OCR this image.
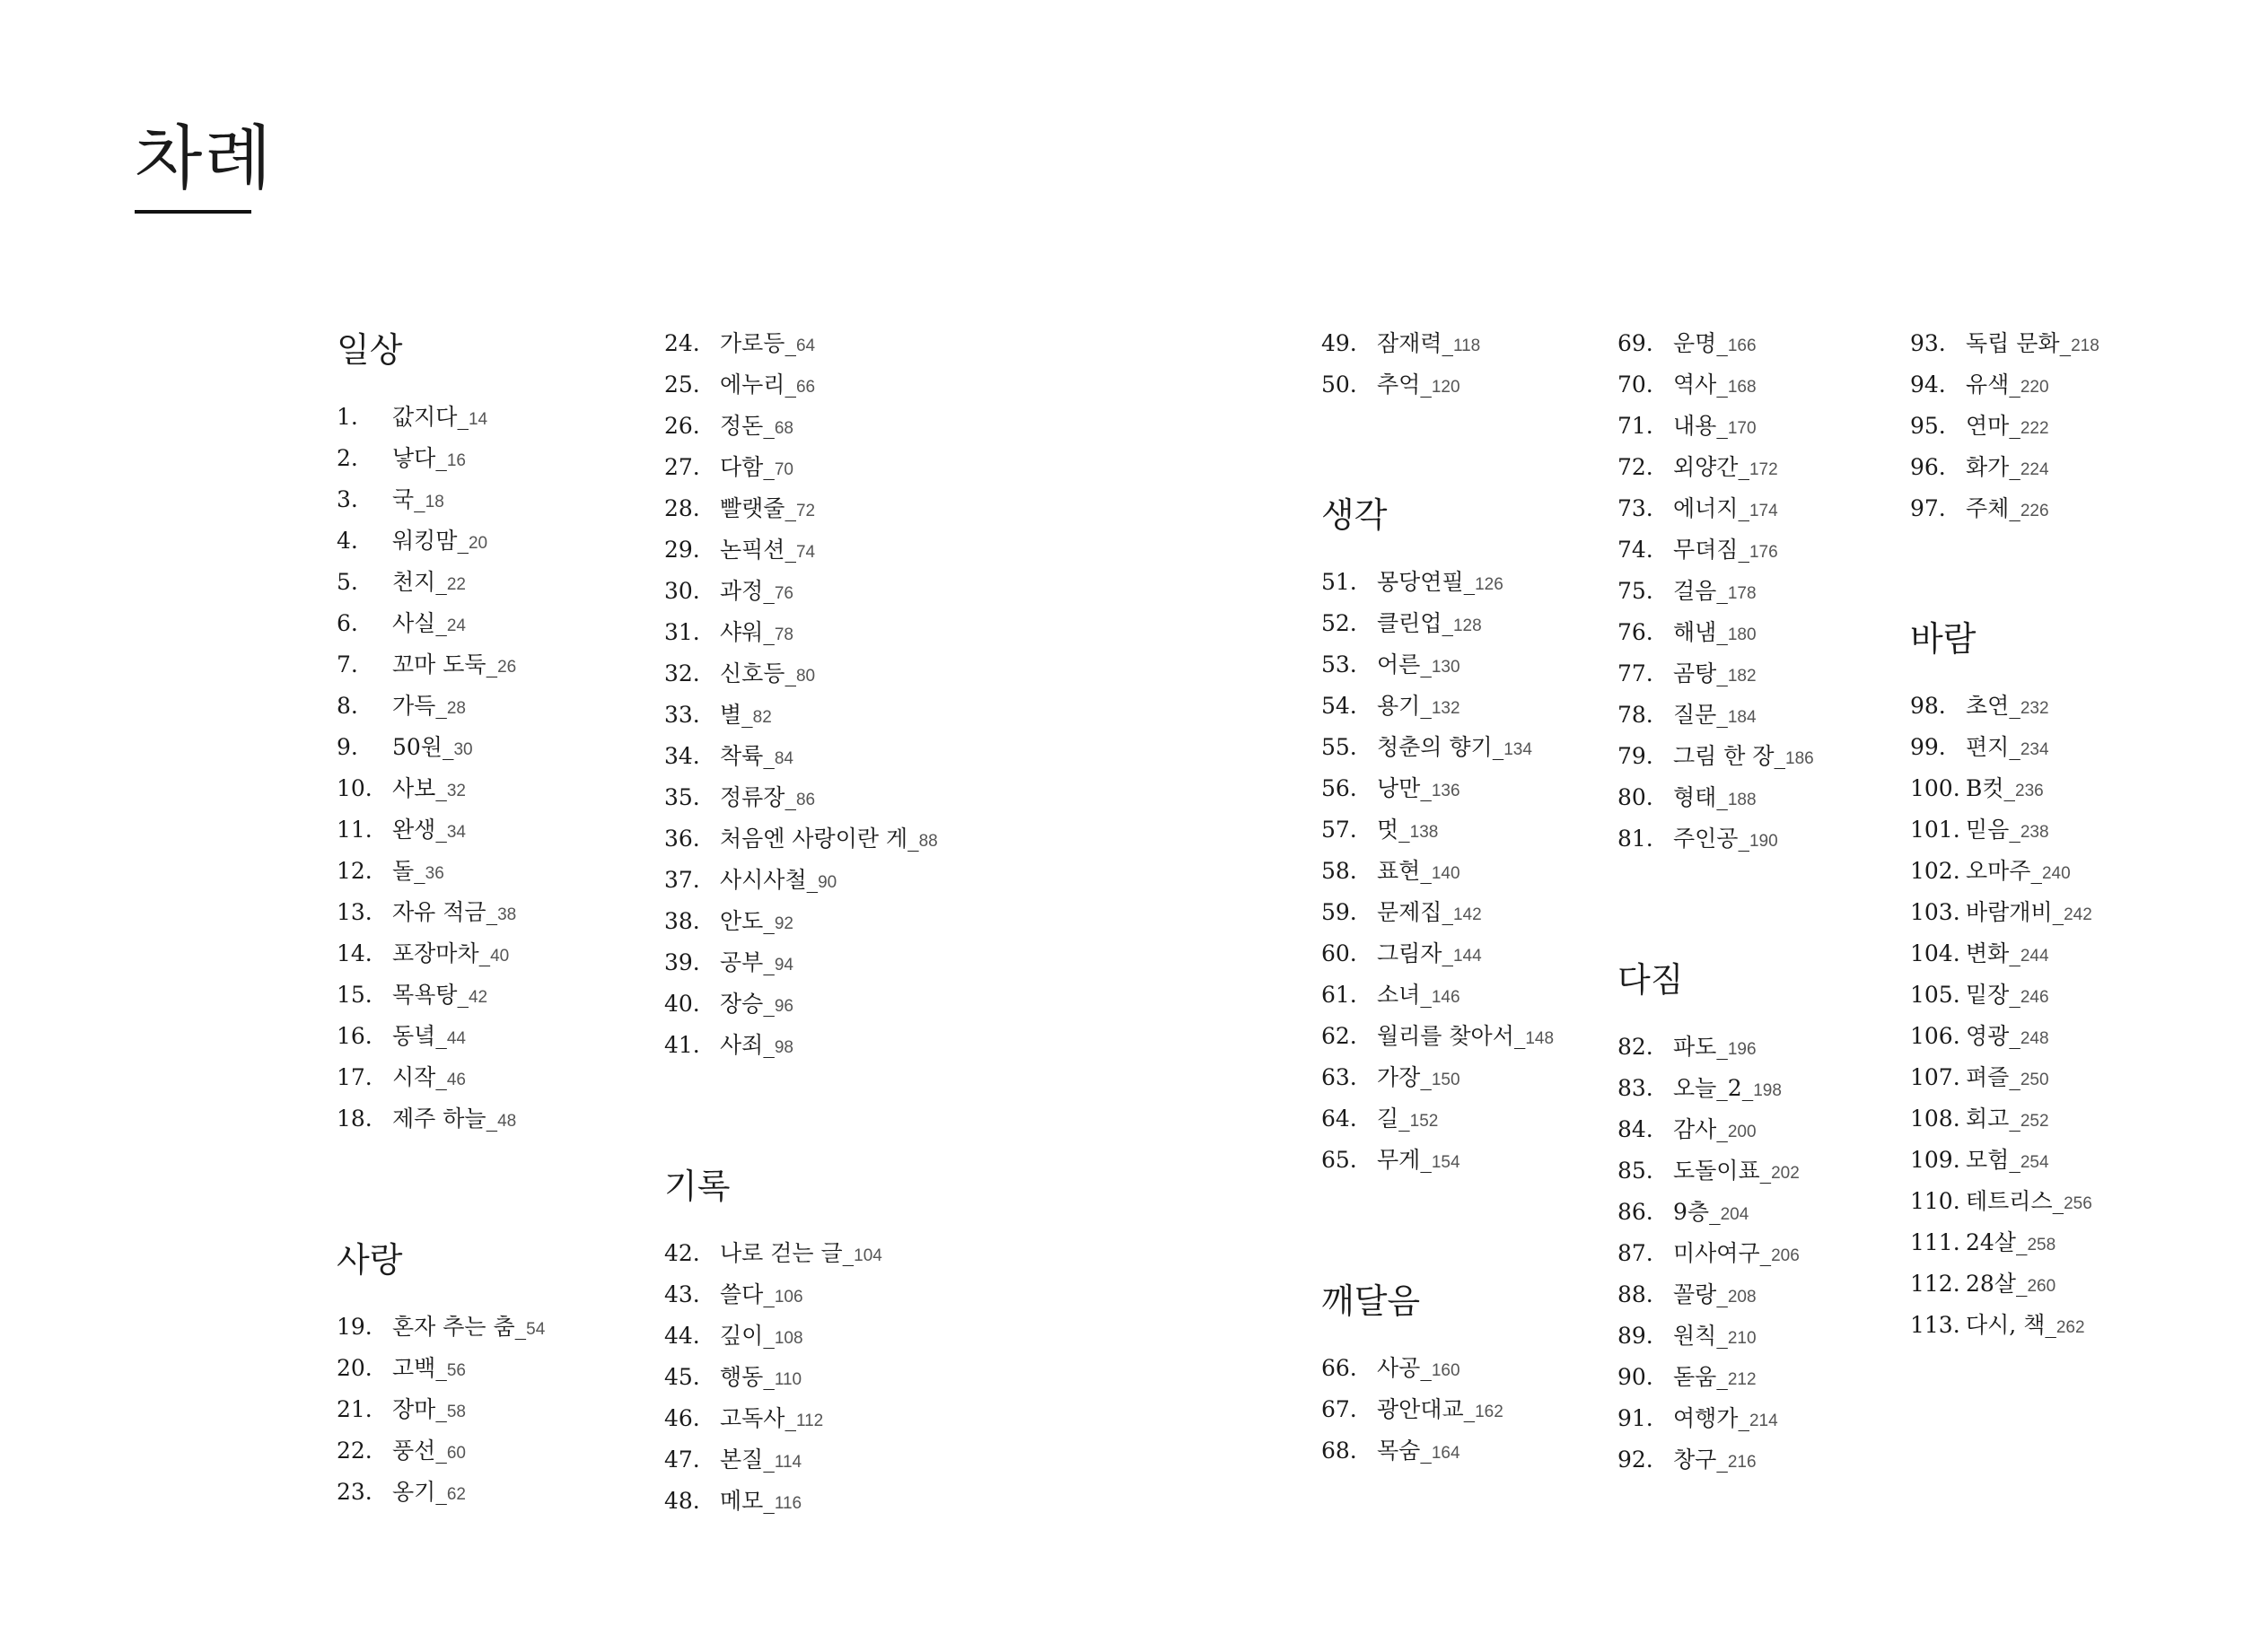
차례
일상
1. 값지다_14
2. 낳다_16
3. 국_18
4. 워킹맘_20
5. 천지_22
6. 사실_24
7. 꼬마 도둑_26
8. 가득_28
9. 50원_30
10. 사보_32
11. 완생_34
12. 돌_36
13. 자유 적금_38
14. 포장마차_40
15. 목욕탕_42
16. 동녘_44
17. 시작_46
18. 제주 하늘_48
사랑
19. 혼자 추는 춤_54
20. 고백_56
21. 장마_58
22. 풍선_60
23. 옹기_62
24. 가로등_64
25. 에누리_66
26. 정돈_68
27. 다함_70
28. 빨랫줄_72
29. 논픽션_74
30. 과정_76
31. 샤워_78
32. 신호등_80
33. 별_82
34. 착륙_84
35. 정류장_86
36. 처음엔 사랑이란 게_88
37. 사시사철_90
38. 안도_92
39. 공부_94
40. 장승_96
41. 사죄_98
기록
42. 나로 걷는 글_104
43. 쓸다_106
44. 깊이_108
45. 행동_110
46. 고독사_112
47. 본질_114
48. 메모_116
49. 잠재력_118
50. 추억_120
생각
51. 몽당연필_126
52. 클린업_128
53. 어른_130
54. 용기_132
55. 청춘의 향기_134
56. 낭만_136
57. 멋_138
58. 표현_140
59. 문제집_142
60. 그림자_144
61. 소녀_146
62. 월리를 찾아서_148
63. 가장_150
64. 길_152
65. 무게_154
깨달음
66. 사공_160
67. 광안대교_162
68. 목숨_164
69. 운명_166
70. 역사_168
71. 내용_170
72. 외양간_172
73. 에너지_174
74. 무뎌짐_176
75. 걸음_178
76. 해냄_180
77. 곰탕_182
78. 질문_184
79. 그림 한 장_186
80. 형태_188
81. 주인공_190
다짐
82. 파도_196
83. 오늘_2_198
84. 감사_200
85. 도돌이표_202
86. 9층_204
87. 미사여구_206
88. 꼴랑_208
89. 원칙_210
90. 돋움_212
91. 여행가_214
92. 창구_216
93. 독립 문화_218
94. 유색_220
95. 연마_222
96. 화가_224
97. 주체_226
바람
98. 초연_232
99. 편지_234
100. B컷_236
101. 믿음_238
102. 오마주_240
103. 바람개비_242
104. 변화_244
105. 밑장_246
106. 영광_248
107. 펴즐_250
108. 회고_252
109. 모험_254
110. 테트리스_256
111. 24살_258
112. 28살_260
113. 다시, 책_262
